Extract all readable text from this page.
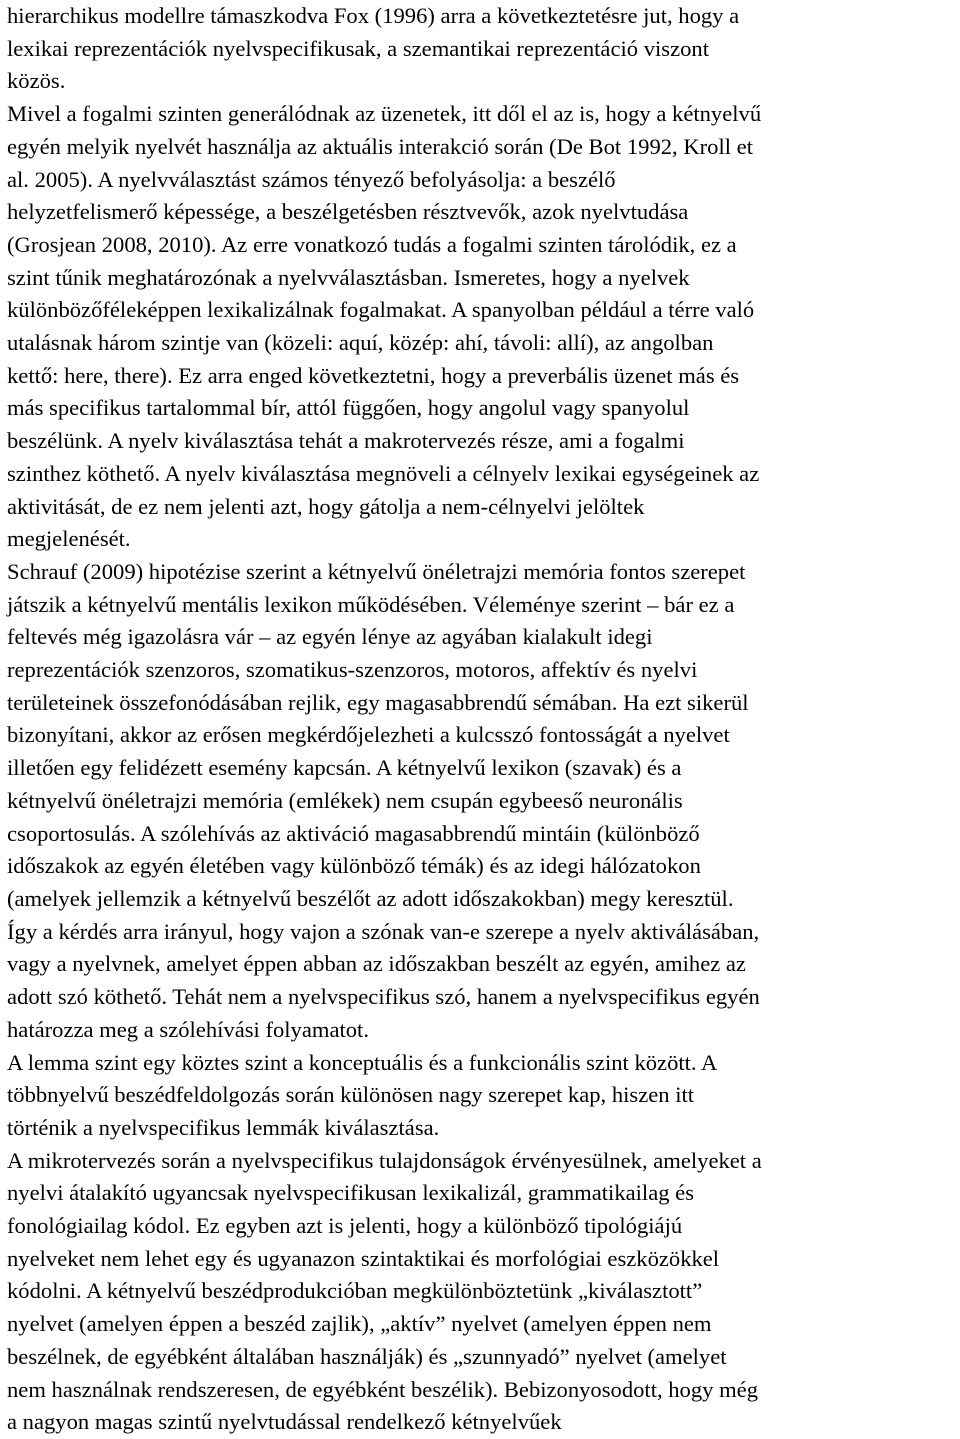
hierarchikus modellre támaszkodva Fox (1996) arra a következtetésre jut, hogy a
lexikai reprezentációk nyelvspecifikusak, a szemantikai reprezentáció viszont
közös.
Mivel a fogalmi szinten generálódnak az üzenetek, itt dől el az is, hogy a kétnyelvű
egyén melyik nyelvét használja az aktuális interakció során (De Bot 1992, Kroll et
al. 2005). A nyelvválasztást számos tényező befolyásolja: a beszélő
helyzetfelismerő képessége, a beszélgetésben résztvevők, azok nyelvtudása
(Grosjean 2008, 2010). Az erre vonatkozó tudás a fogalmi szinten tárolódik, ez a
szint tűnik meghatározónak a nyelvválasztásban. Ismeretes, hogy a nyelvek
különbözőféleképpen lexikalizálnak fogalmakat. A spanyolban például a térre való
utalásnak három szintje van (közeli: aquí, közép: ahí, távoli: allí), az angolban
kettő: here, there). Ez arra enged következtetni, hogy a preverbális üzenet más és
más specifikus tartalommal bír, attól függően, hogy angolul vagy spanyolul
beszélünk. A nyelv kiválasztása tehát a makrotervezés része, ami a fogalmi
szinthez köthető. A nyelv kiválasztása megnöveli a célnyelv lexikai egységeinek az
aktivitását, de ez nem jelenti azt, hogy gátolja a nem-célnyelvi jelöltek
megjelenését.

Schrauf (2009) hipotézise szerint a kétnyelvű önéletrajzi memória fontos szerepet
játszik a kétnyelvű mentális lexikon működésében. Véleménye szerint – bár ez a
feltevés még igazolásra vár – az egyén lénye az agyában kialakult idegi
reprezentációk szenzoros, szomatikus-szenzoros, motoros, affektív és nyelvi
területeinek összefonódásában rejlik, egy magasabbrendű sémában. Ha ezt sikerül
bizonyítani, akkor az erősen megkérdőjelezheti a kulcsszó fontosságát a nyelvet
illetően egy felidézett esemény kapcsán. A kétnyelvű lexikon (szavak) és a
kétnyelvű önéletrajzi memória (emlékek) nem csupán egybeeső neuronális
csoportosulás. A szólehívás az aktiváció magasabbrendű mintáin (különböző
időszakok az egyén életében vagy különböző témák) és az idegi hálózatokon
(amelyek jellemzik a kétnyelvű beszélőt az adott időszakokban) megy keresztül.
Így a kérdés arra irányul, hogy vajon a szónak van-e szerepe a nyelv aktiválásában,
vagy a nyelvnek, amelyet éppen abban az időszakban beszélt az egyén, amihez az
adott szó köthető. Tehát nem a nyelvspecifikus szó, hanem a nyelvspecifikus egyén
határozza meg a szólehívási folyamatot.

A lemma szint egy köztes szint a konceptuális és a funkcionális szint között. A
többnyelvű beszédfeldolgozás során különösen nagy szerepet kap, hiszen itt
történik a nyelvspecifikus lemmák kiválasztása.

A mikrotervezés során a nyelvspecifikus tulajdonságok érvényesülnek, amelyeket a
nyelvi átalakító ugyancsak nyelvspecifikusan lexikalizál, grammatikailag és
fonológiailag kódol. Ez egyben azt is jelenti, hogy a különböző tipológiájú
nyelveket nem lehet egy és ugyanazon szintaktikai és morfológiai eszközökkel
kódolni. A kétnyelvű beszédprodukcióban megkülönböztetünk „kiválasztott”
nyelvet (amelyen éppen a beszéd zajlik), „aktív” nyelvet (amelyen éppen nem
beszélnek, de egyébként általában használják) és „szunnyadó” nyelvet (amelyet
nem használnak rendszeresen, de egyébként beszélik). Bebizonyosodott, hogy még
a nagyon magas szintű nyelvtudással rendelkező kétnyelvűek
